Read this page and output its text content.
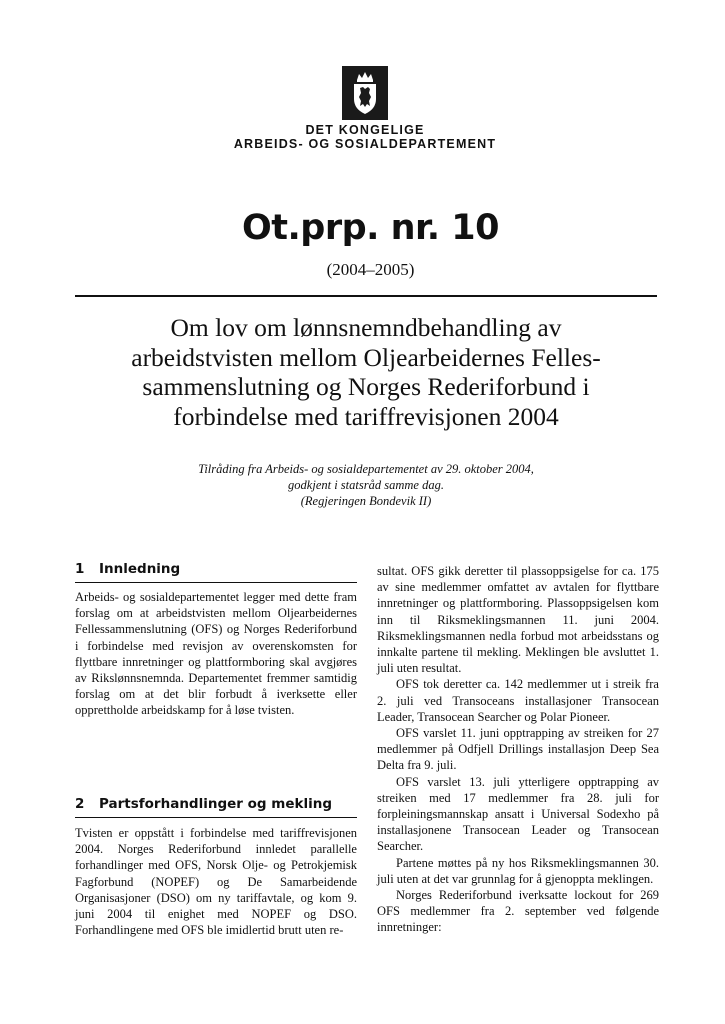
DET KONGELIGE
ARBEIDS- OG SOSIALDEPARTEMENT
Ot.prp. nr. 10
(2004–2005)
Om lov om lønnsnemndbehandling av
arbeidstvisten mellom Oljearbeidernes Felles-
sammenslutning og Norges Rederiforbund i
forbindelse med tariffrevisjonen 2004
Tilråding fra Arbeids- og sosialdepartementet av 29. oktober 2004,
godkjent i statsråd samme dag.
(Regjeringen Bondevik II)
1 Innledning
Arbeids- og sosialdepartementet legger med dette fram forslag om at arbeidstvisten mellom Oljearbeidernes Fellessammenslutning (OFS) og Norges Rederiforbund i forbindelse med revisjon av overenskomsten for flyttbare innretninger og plattformboring skal avgjøres av Rikslønnsnemnda. Departementet fremmer samtidig forslag om at det blir forbudt å iverksette eller opprettholde arbeidskamp for å løse tvisten.
2 Partsforhandlinger og mekling
Tvisten er oppstått i forbindelse med tariffrevisjonen 2004. Norges Rederiforbund innledet parallelle forhandlinger med OFS, Norsk Olje- og Petrokjemisk Fagforbund (NOPEF) og De Samarbeidende Organisasjoner (DSO) om ny tariffavtale, og kom 9. juni 2004 til enighet med NOPEF og DSO. Forhandlingene med OFS ble imidlertid brutt uten re-
sultat. OFS gikk deretter til plassoppsigelse for ca. 175 av sine medlemmer omfattet av avtalen for flyttbare innretninger og plattformboring. Plassoppsigelsen kom inn til Riksmeklingsmannen 11. juni 2004. Riksmeklingsmannen nedla forbud mot arbeidsstans og innkalte partene til mekling. Meklingen ble avsluttet 1. juli uten resultat.
OFS tok deretter ca. 142 medlemmer ut i streik fra 2. juli ved Transoceans installasjoner Transocean Leader, Transocean Searcher og Polar Pioneer.
OFS varslet 11. juni opptrapping av streiken for 27 medlemmer på Odfjell Drillings installasjon Deep Sea Delta fra 9. juli.
OFS varslet 13. juli ytterligere opptrapping av streiken med 17 medlemmer fra 28. juli for forpleiningsmannskap ansatt i Universal Sodexho på installasjonene Transocean Leader og Transocean Searcher.
Partene møttes på ny hos Riksmeklingsmannen 30. juli uten at det var grunnlag for å gjenoppta meklingen.
Norges Rederiforbund iverksatte lockout for 269 OFS medlemmer fra 2. september ved følgende innretninger:
